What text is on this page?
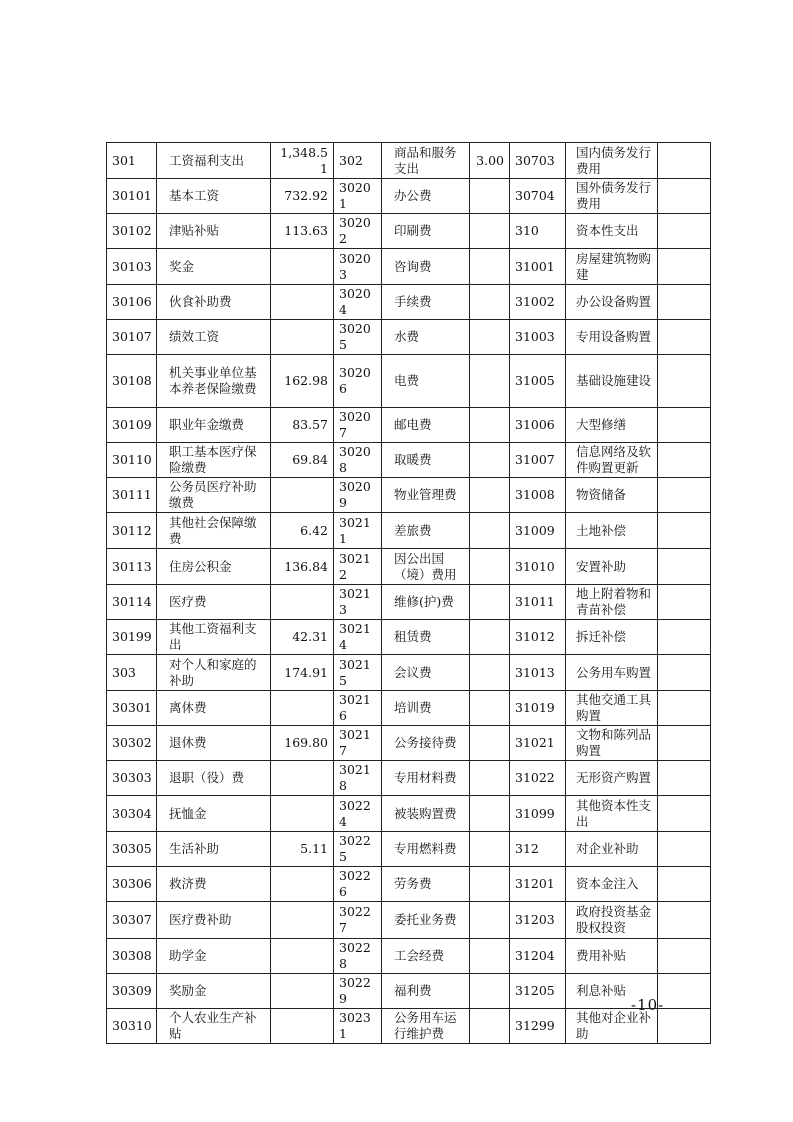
301	工资福利支出	1,348.51	302	商品和服务支出	3.00	30703	国内债务发行费用	
30101	基本工资	732.92	30201	办公费		30704	国外债务发行费用	
30102	津贴补贴	113.63	30202	印刷费		310	资本性支出	
30103	奖金		30203	咨询费		31001	房屋建筑物购建	
30106	伙食补助费		30204	手续费		31002	办公设备购置	
30107	绩效工资		30205	水费		31003	专用设备购置	
30108	机关事业单位基本养老保险缴费	162.98	30206	电费		31005	基础设施建设	
30109	职业年金缴费	83.57	30207	邮电费		31006	大型修缮	
30110	职工基本医疗保险缴费	69.84	30208	取暖费		31007	信息网络及软件购置更新	
30111	公务员医疗补助缴费		30209	物业管理费		31008	物资储备	
30112	其他社会保障缴费	6.42	30211	差旅费		31009	土地补偿	
30113	住房公积金	136.84	30212	因公出国（境）费用		31010	安置补助	
30114	医疗费		30213	维修(护)费		31011	地上附着物和青苗补偿	
30199	其他工资福利支出	42.31	30214	租赁费		31012	拆迁补偿	
303	对个人和家庭的补助	174.91	30215	会议费		31013	公务用车购置	
30301	离休费		30216	培训费		31019	其他交通工具购置	
30302	退休费	169.80	30217	公务接待费		31021	文物和陈列品购置	
30303	退职（役）费		30218	专用材料费		31022	无形资产购置	
30304	抚恤金		30224	被装购置费		31099	其他资本性支出	
30305	生活补助	5.11	30225	专用燃料费		312	对企业补助	
30306	救济费		30226	劳务费		31201	资本金注入	
30307	医疗费补助		30227	委托业务费		31203	政府投资基金股权投资	
30308	助学金		30228	工会经费		31204	费用补贴	
30309	奖励金		30229	福利费		31205	利息补贴	
30310	个人农业生产补贴		30231	公务用车运行维护费		31299	其他对企业补助	
-10-
